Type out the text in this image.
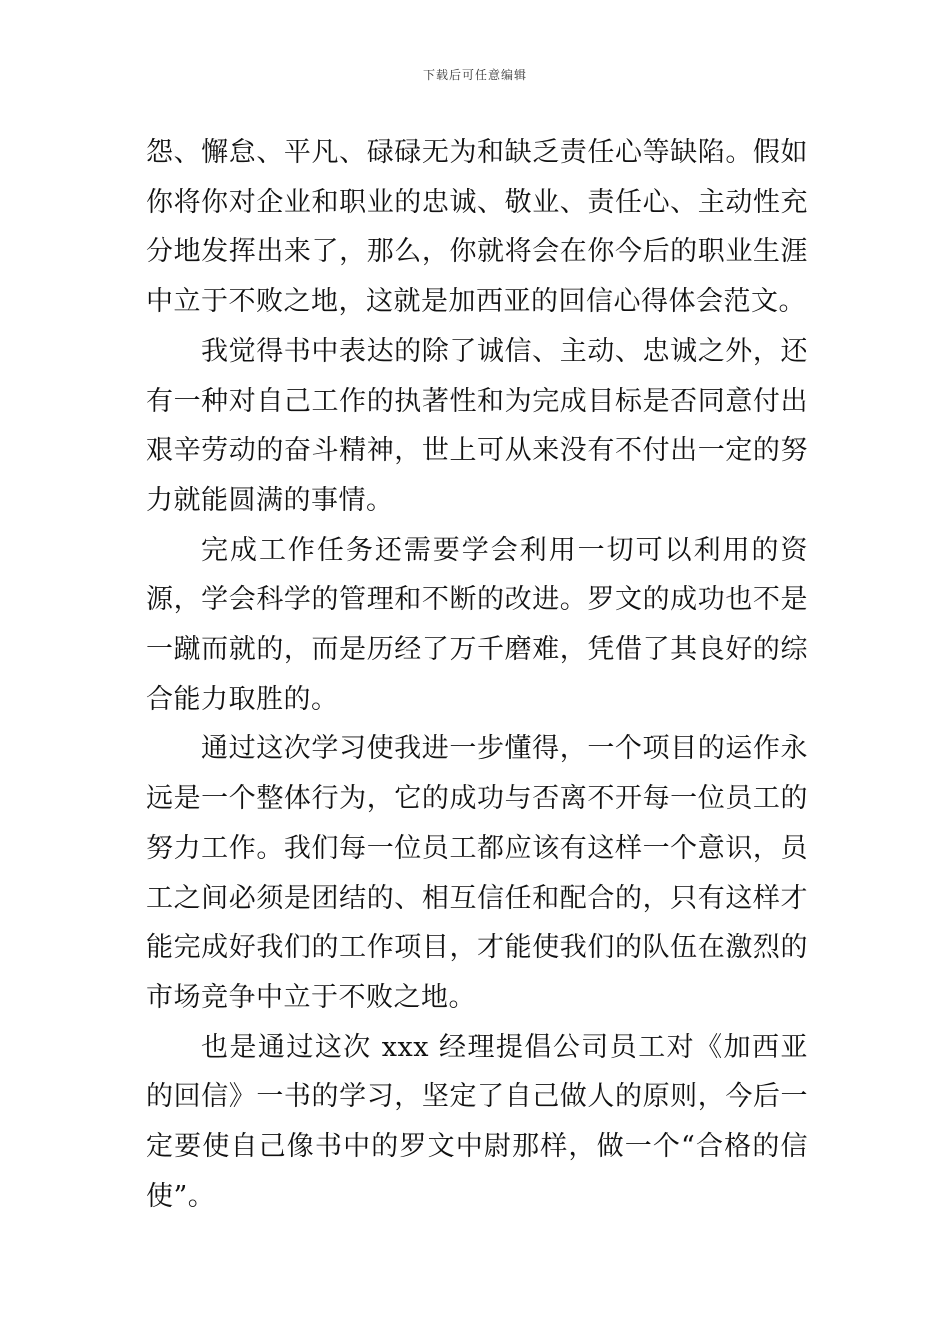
下载后可任意编辑

怨、懈怠、平凡、碌碌无为和缺乏责任心等缺陷。假如你将你对企业和职业的忠诚、敬业、责任心、主动性充分地发挥出来了，那么，你就将会在你今后的职业生涯中立于不败之地，这就是加西亚的回信心得体会范文。

我觉得书中表达的除了诚信、主动、忠诚之外，还有一种对自己工作的执著性和为完成目标是否同意付出艰辛劳动的奋斗精神，世上可从来没有不付出一定的努力就能圆满的事情。

完成工作任务还需要学会利用一切可以利用的资源，学会科学的管理和不断的改进。罗文的成功也不是一蹴而就的，而是历经了万千磨难，凭借了其良好的综合能力取胜的。

通过这次学习使我进一步懂得，一个项目的运作永远是一个整体行为，它的成功与否离不开每一位员工的努力工作。我们每一位员工都应该有这样一个意识，员工之间必须是团结的、相互信任和配合的，只有这样才能完成好我们的工作项目，才能使我们的队伍在激烈的市场竞争中立于不败之地。

也是通过这次 xxx 经理提倡公司员工对《加西亚的回信》一书的学习，坚定了自己做人的原则，今后一定要使自己像书中的罗文中尉那样，做一个“合格的信使”。
